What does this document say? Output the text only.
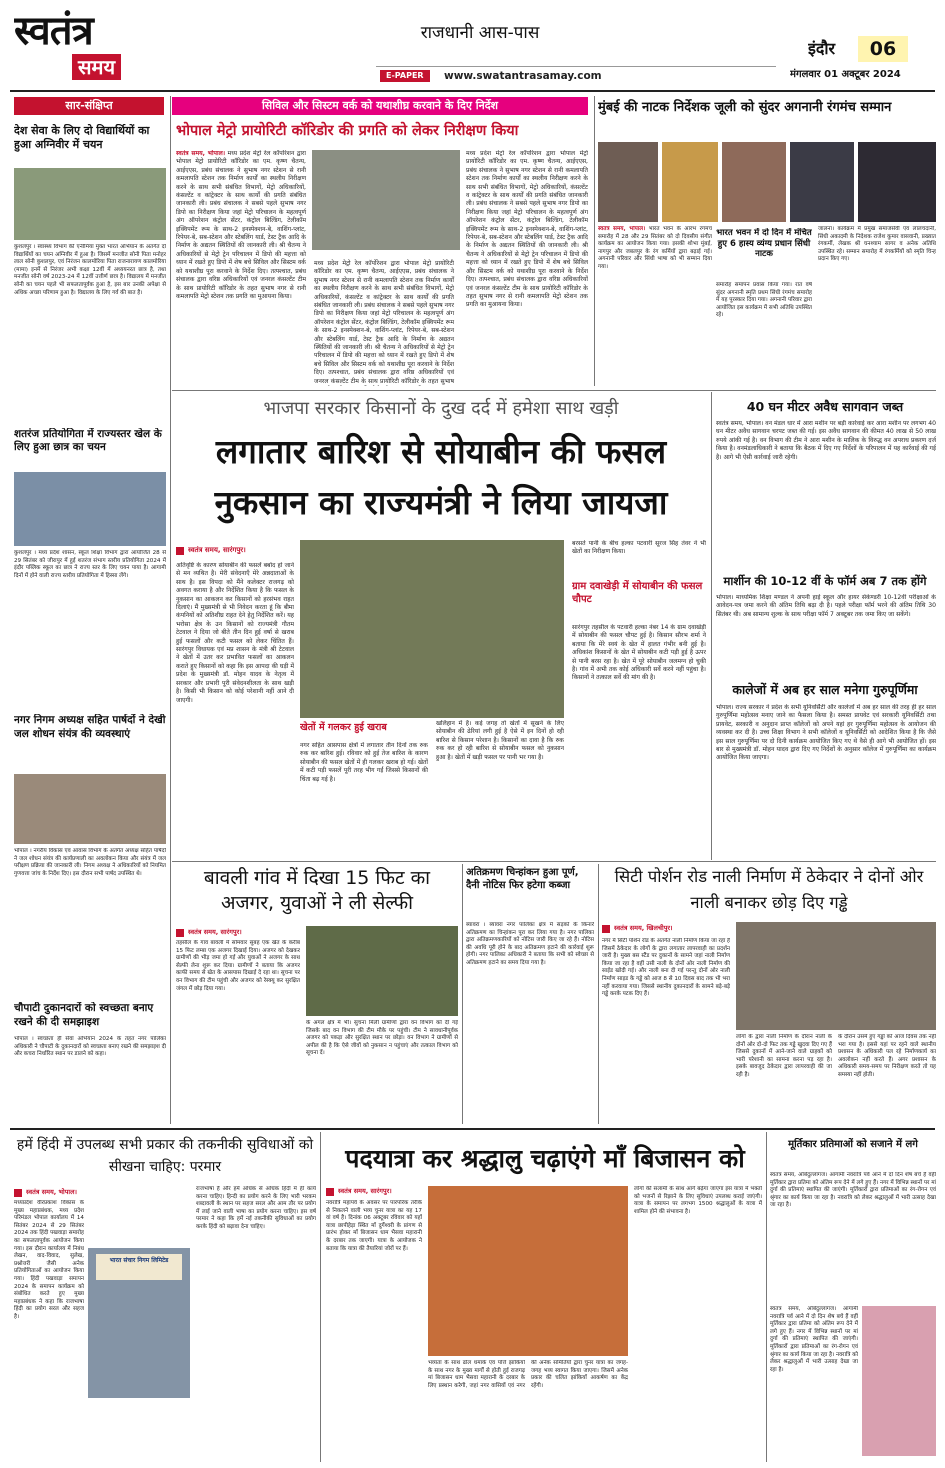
स्वतंत्र
समय
राजधानी आस-पास
E-PAPER	www.swatantrasamay.com
इंदौर	06
मंगलवार 01 अक्टूबर 2024
सार-संक्षिप्त
देश सेवा के लिए दो विद्यार्थियों का हुआ अग्निवीर में चयन
कुशलपुर । स्वास्थ्य विभाग की एनीमिया मुक्त भारत अभियान के अंतर्गत दो विद्यार्थियों का चयन अग्निवीर में हुआ है। जिसमें मनजीत सोनी पिता मनोहर लाल सोनी कुशलपुर, एवं निरंजन कालमोरिया पिता राजनारायण कालमोरिया (मामा) इनमें से निरंजर अभी कक्षा 12वीं में अध्ययनरत छात्र है, तथा मनजीत सोनी वर्ष 2023-24 में 12वीं उत्तीर्ण छात्र है। विद्यालय में मनजीत सोनी का चयन पहले भी सफलतापूर्वक हुआ है, इस बार उनकी अपेक्षा से अधिक अच्छा परिणाम हुआ है। विद्यालय के लिए गर्व की बात है।
शतरंज प्रतियोगिता में राज्यस्तर खेल के लिए हुआ छात्र का चयन
कुशलपुर । मध्य प्रदेश शासन, स्कूल शिक्षा विभाग द्वारा आयोजित 28 से 29 सितंबर को जीरापुर में हुई शतरंज संभाग स्तरीय प्रतियोगिता 2024 में इंदौर पब्लिक स्कूल का छात्र ने राज्य स्तर के लिए चयन पाया है। आगामी दिनों में होने वाली राज्य स्तरीय प्रतियोगिता में हिस्सा लेंगे।
नगर निगम अध्यक्ष सहित पार्षदों ने देखी जल शोधन संयंत्र की व्यवस्थाएं
भोपाल । नगरीय विकास एवं आवास विभाग के अंतर्गत अध्यक्ष सहित पार्षदों ने जल शोधन संयंत्र की कार्यप्रणाली का अवलोकन किया और संयंत्र में जल परीक्षण प्रक्रिया की जानकारी ली। निगम अध्यक्ष ने अधिकारियों को नियमित गुणवत्ता जांच के निर्देश दिए। इस दौरान सभी पार्षद उपस्थित थे।
चौपाटी दुकानदारों को स्वच्छता बनाए रखने की दी समझाइश
भोपाल । स्वच्छता ही सेवा अभियान 2024 के तहत नगर पालिका अधिकारी ने चौपाटी के दुकानदारों को स्वच्छता बनाए रखने की समझाइश दी और कचरा निर्धारित स्थान पर डालने को कहा।
सिविल और सिस्टम वर्क को यथाशीघ्र करवाने के दिए निर्देश
भोपाल मेट्रो प्रायोरिटी कॉरिडोर की प्रगति को लेकर निरीक्षण किया
स्वतंत्र समय, भोपाल। मध्य प्रदेश मेट्रो रेल कॉर्पोरेशन द्वारा भोपाल मेट्रो प्रायोरिटी कॉरिडोर का एम. कृष्ण चैतन्य, आईएएस, प्रबंध संचालक ने सुभाष नगर स्टेशन से रानी कमलापति स्टेशन तक निर्माण कार्यों का स्थलीय निरीक्षण करने के साथ सभी संबंधित विभागों, मेट्रो अधिकारियों, कंसल्टेंट व कांट्रेक्टर के साथ कार्यों की प्रगति संबंधित जानकारी ली। प्रबंध संचालक ने सबसे पहले सुभाष नगर डिपो का निरीक्षण किया जहां मेट्रो परिचालन के महत्वपूर्ण अंग ऑपरेशन कंट्रोल सेंटर, कंट्रोल बिल्डिंग, टेलीकॉम इक्विपमेंट रूम के साथ-2 इनस्पेक्शन-बे, वाशिंग-प्लांट, रिपेयर-बे, सब-स्टेशन और स्टेबलिंग यार्ड, टेस्ट ट्रैक आदि के निर्माण के अद्यतन स्थितियों की जानकारी ली। श्री चैतन्य ने अधिकारियों से मेट्रो ट्रेन परिचालन में डिपो की महत्ता को ध्यान में रखते हुए डिपो में शेष बचे सिविल और सिस्टम वर्क को यथाशीघ्र पूरा करवाने के निर्देश दिए। तत्पश्चात, प्रबंध संचालक द्वारा वरिष्ठ अधिकारियों एवं जनरल कंसल्टेंट टीम के साथ प्रायोरिटी कॉरिडोर के तहत सुभाष नगर से रानी कमलापति मेट्रो स्टेशन तक प्रगति का मुआयना किया।
मध्य प्रदेश मेट्रो रेल कॉर्पोरेशन द्वारा भोपाल मेट्रो प्रायोरिटी कॉरिडोर का एम. कृष्ण चैतन्य, आईएएस, प्रबंध संचालक ने सुभाष नगर स्टेशन से रानी कमलापति स्टेशन तक निर्माण कार्यों का स्थलीय निरीक्षण करने के साथ सभी संबंधित विभागों, मेट्रो अधिकारियों, कंसल्टेंट व कांट्रेक्टर के साथ कार्यों की प्रगति संबंधित जानकारी ली। प्रबंध संचालक ने सबसे पहले सुभाष नगर डिपो का निरीक्षण किया जहां मेट्रो परिचालन के महत्वपूर्ण अंग ऑपरेशन कंट्रोल सेंटर, कंट्रोल बिल्डिंग, टेलीकॉम इक्विपमेंट रूम के साथ-2 इनस्पेक्शन-बे, वाशिंग-प्लांट, रिपेयर-बे, सब-स्टेशन और स्टेबलिंग यार्ड, टेस्ट ट्रैक आदि के निर्माण के अद्यतन स्थितियों की जानकारी ली। श्री चैतन्य ने अधिकारियों से मेट्रो ट्रेन परिचालन में डिपो की महत्ता को ध्यान में रखते हुए डिपो में शेष बचे सिविल और सिस्टम वर्क को यथाशीघ्र पूरा करवाने के निर्देश दिए। तत्पश्चात, प्रबंध संचालक द्वारा वरिष्ठ अधिकारियों एवं जनरल कंसल्टेंट टीम के साथ प्रायोरिटी कॉरिडोर के तहत सुभाष
मध्य प्रदेश मेट्रो रेल कॉर्पोरेशन द्वारा भोपाल मेट्रो प्रायोरिटी कॉरिडोर का एम. कृष्ण चैतन्य, आईएएस, प्रबंध संचालक ने सुभाष नगर स्टेशन से रानी कमलापति स्टेशन तक निर्माण कार्यों का स्थलीय निरीक्षण करने के साथ सभी संबंधित विभागों, मेट्रो अधिकारियों, कंसल्टेंट व कांट्रेक्टर के साथ कार्यों की प्रगति संबंधित जानकारी ली। प्रबंध संचालक ने सबसे पहले सुभाष नगर डिपो का निरीक्षण किया जहां मेट्रो परिचालन के महत्वपूर्ण अंग ऑपरेशन कंट्रोल सेंटर, कंट्रोल बिल्डिंग, टेलीकॉम इक्विपमेंट रूम के साथ-2 इनस्पेक्शन-बे, वाशिंग-प्लांट, रिपेयर-बे, सब-स्टेशन और स्टेबलिंग यार्ड, टेस्ट ट्रैक आदि के निर्माण के अद्यतन स्थितियों की जानकारी ली। श्री चैतन्य ने अधिकारियों से मेट्रो ट्रेन परिचालन में डिपो की महत्ता को ध्यान में रखते हुए डिपो में शेष बचे सिविल और सिस्टम वर्क को यथाशीघ्र पूरा करवाने के निर्देश दिए। तत्पश्चात, प्रबंध संचालक द्वारा वरिष्ठ अधिकारियों एवं जनरल कंसल्टेंट टीम के साथ प्रायोरिटी कॉरिडोर के तहत सुभाष नगर से रानी कमलापति मेट्रो स्टेशन तक प्रगति का मुआयना किया।
मुंबई की नाटक निर्देशक जूली को सुंदर अगनानी रंगमंच सम्मान
स्वतंत्र समय, भोपाल। भारत भवन के आरंभ रंगमंच समारोह में 28 और 29 सितंबर को दो दिवसीय संगीत कार्यक्रम का आयोजन किया गया। इसकी शोभा मुंबई, नागपुर और जबलपुर के रंग कर्मियों द्वारा बढ़ाई गई। अगनानी परिवार और सिंधी भाषा को भी सम्मान दिया गया।
भारत भवन में दो दिन में मंचित हुए 6 हास्य व्यंग्य प्रधान सिंधी नाटक
समारोह समापन प्रवास किया गया। रात वर्ष सुंदर अगनानी स्मृति प्रथम सिंधी रंगमंच समारोह में यह पुरस्कार दिया गया। अगनानी परिवार द्वारा आयोजित इस कार्यक्रम में सभी अतिथि उपस्थित रहे।
जालना। कार्यक्रम में प्रमुख समाजसेवी एवं लालचंदानी, सिंधी अकादमी के निदेशक राजेश कुमार वासवानी, प्रख्यात रंगकर्मी, लेखक श्री घनश्याम सागर व अनेक अतिथि उपस्थित रहे। सम्मान समारोह में रंगकर्मियों को स्मृति चिन्ह प्रदान किए गए।
भाजपा सरकार किसानों के दुख दर्द में हमेशा साथ खड़ी
लगातार बारिश से सोयाबीन की फसल
नुकसान का राज्यमंत्री ने लिया जायजा
स्वतंत्र समय, सारंगपुर।
अतिवृष्टि के कारण सोयाबीन की फसलें बर्बाद हो जाने से मन व्यथित है। मेरी संवेदनाएँ मेरे अन्नदाताओं के साथ है। इस विपदा को मैंने कलेक्टर राजगढ़ को अवगत कराया है और निर्देशित किया है कि फसल के नुकसान का आकलन कर किसानों को हरसंभव राहत दिलाएं। मैं मुख्यमंत्री से भी निवेदन करता हूं कि बीमा कंपनियों को अतिशीघ्र राहत देने हेतु निर्देशित करें। यह भरोसा क्षेत्र के उन किसानों को राज्यमंत्री गौतम टेटवाल ने दिया जो बीते तीन दिन हुई वर्षा से खराब हुई फसलों और कटी फसल को लेकर चिंतित हैं। सारंगपुर विधायक एवं मप्र शासन के मंत्री श्री टेटवाल ने खेतों में उतर कर प्रभावित फसलों का आकलन कराते हुए किसानों को कहा कि इस आपदा की घड़ी में प्रदेश के मुख्यमंत्री डॉ. मोहन यादव के नेतृत्व में सरकार और प्रभारी पूरी संवेदनशीलता के साथ खड़ी है। किसी भी किसान को कोई परेशानी नहीं आने दी जाएगी।
खेतों में गलकर हुई खराब
नगर सहित आसपास क्षेत्रों में लगातार तीन दिनों तक रुक रुक कर बारिश हुई। रविवार को हुई तेज बारिश के कारण सोयाबीन की फसल खेतों में ही गलकर खराब हो गई। खेतों में कटी पड़ी फसलें पूरी तरह भीग गईं जिससे किसानों की चिंता बढ़ गई है।
खलिहान में है। कई जगह तो खेतों में सूखने के लिए सोयाबीन की ढेरियां लगी हुई है ऐसे में इन दिनों हो रही बारिश से किसान परेशान है। किसानों का दावा है कि रुक रुक कर हो रही बारिश से सोयाबीन फसल को नुकसान हुआ है। खेतों में खड़ी फसल पर पानी भर गया है।
बरसते पानी के बीच हल्का पटवारी सूरज सिंह तंवर ने भी खेतों का निरीक्षण किया।
ग्राम दवाखेड़ी में सोयाबीन की फसल चौपट
सारंगपुर तहसील के पटवारी हल्का नंबर 14 के ग्राम दवाखेड़ी में सोयाबीन की फसल चौपट हुई है। किसान सौरभ शर्मा ने बताया कि मेरे स्वयं के खेत में हालत गंभीर बनी हुई है। अधिकांश किसानों के खेत में सोयाबीन कटी पड़ी हुई है ऊपर से पानी बरस रहा है। खेत में पूरे सोयाबीन जलमग्न हो चुकी है। गांव में अभी तक कोई अधिकारी सर्वे करने नहीं पहुंचा है। किसानों ने तत्काल सर्वे की मांग की है।
40 घन मीटर अवैध सागवान जब्त
स्वतंत्र समय, भोपाल। वन मंडल धार में आरा मशीन पर बड़ी कार्रवाई कर आरा मशीन पर लगभग 40 घन मीटर अवैध सागवान चरपट जब्त की गई। इस अवैध सागवान की कीमत 40 लाख से 50 लाख रुपये आंकी गई है। वन विभाग की टीम ने आरा मशीन के मालिक के विरुद्ध वन अपराध प्रकरण दर्ज किया है। वनमंडलाधिकारी ने बताया कि बैठक में दिए गए निर्देशों के परिपालन में यह कार्रवाई की गई है। आगे भी ऐसी कार्रवाई जारी रहेगी।
मार्शीन की 10-12 वीं के फॉर्म अब 7 तक होंगे
भोपाल। माध्यमिक शिक्षा मण्डल ने अपनी हाई स्कूल और हायर सेकेण्डरी 10-12वीं परीक्षाओं के आवेदन-पत्र जमा करने की अंतिम तिथि बढ़ा दी है। पहले परीक्षा फॉर्म भरने की अंतिम तिथि 30 सितंबर थी। अब सामान्य शुल्क के साथ परीक्षा फॉर्म 7 अक्टूबर तक जमा किए जा सकेंगे।
कालेजों में अब हर साल मनेगा गुरुपूर्णिमा
भोपाल। राज्य सरकार ने प्रदेश के सभी यूनिवर्सिटी और कालेजों में अब हर साल की तरह ही हर साल गुरुपूर्णिमा महोत्सव मनाए जाने का फैसला किया है। समस्त प्रायवेट एवं सरकारी यूनिवर्सिटी तथा प्रायवेट, सरकारी व अनुदान प्राप्त कॉलेजों को अपने यहां हर गुरुपूर्णिमा महोत्सव के आयोजन की व्यवस्था कर दी है। उच्च शिक्षा विभाग ने सभी कॉलेजों व यूनिवर्सिटी को आदेशित किया है कि जैसे इस साल गुरुपूर्णिमा पर दो दिनी कार्यक्रम आयोजित किए गए थे वैसे ही आगे भी आयोजित हों। इस बार से मुख्यमंत्री डॉ. मोहन यादव द्वारा दिए गए निर्देशों के अनुसार कॉलेज में गुरुपूर्णिमा का कार्यक्रम आयोजित किया जाएगा।
बावली गांव में दिखा 15 फिट का अजगर, युवाओं ने ली सेल्फी
स्वतंत्र समय, सारंगपुर।
तहसील के गांव बावली में सोमवार सुबह एक खेत के करीब 15 फिट लम्बा एक अजगर दिखाई दिया। अजगर को देखकर ग्रामीणों की भीड़ जमा हो गई और युवाओं ने अजगर के साथ सेल्फी लेना शुरू कर दिया। ग्रामीणों ने बताया कि अजगर काफी समय से खेत के आसपास दिखाई दे रहा था। सूचना पर वन विभाग की टीम पहुंची और अजगर को रेस्क्यू कर सुरक्षित जंगल में छोड़ दिया गया।
के अंगल क्षेत्र में भी। सुचना मिली ग्रामीणों द्वारा वन विभाग को दी गई जिसके बाद वन विभाग की टीम मौके पर पहुंची। टीम ने सावधानीपूर्वक अजगर को पकड़ा और सुरक्षित स्थान पर छोड़ा। वन विभाग ने ग्रामीणों से अपील की है कि ऐसे जीवों को नुकसान न पहुंचाएं और तत्काल विभाग को सूचना दें।
अतिक्रमण चिन्हांकन हुआ पूर्ण, दैनी नोटिस फिर हटेगा कब्जा
ब्यावरा । ब्यावरा नगर पालिका क्षेत्र में सड़कों के किनारे अतिक्रमण का चिन्हांकन पूरा कर लिया गया है। नगर पालिका द्वारा अतिक्रमणकारियों को नोटिस जारी किए जा रहे हैं। नोटिस की अवधि पूरी होने के बाद अतिक्रमण हटाने की कार्रवाई शुरू होगी। नगर पालिका अधिकारी ने बताया कि सभी को स्वेच्छा से अतिक्रमण हटाने का समय दिया गया है।
सिटी पोर्शन रोड नाली निर्माण में ठेकेदार ने दोनों ओर नाली बनाकर छोड़ दिए गड्ढे
स्वतंत्र समय, खिलचीपुर।
नगर में सिटी पोर्शन रोड के अंतर्गत नाली निर्माण किया जा रहा है जिसमें ठेकेदार के लोगों के द्वारा लगातार लापरवाही का प्रदर्शन जारी है। मुख्य बस स्टैंड पर दुकानों के सामने जहां नाली निर्माण किया जा रहा है वहीं उसी नाली के दोनों ओर नाली निर्माण की साईड खोदी गई। और नाली बना दी गई परन्तु दोनों ओर नाली निर्माण साइड के गड्ढे को आज 8 से 10 दिवस बाद तक भी भरा नहीं करवाया गया। जिससे स्थानीय दुकानदारों के सामने बड़े-बड़े गड्ढे करके पटक दिए हैं।
लोगों के द्वारा नाली निर्माण के दौरान नाली के दोनों ओर दो-दो फिट तक गड्ढे खुदवा दिए गए हैं जिससे दुकानों में आने-जाने वाले ग्राहकों को भारी परेशानी का सामना करना पड़ रहा है। इसके बावजूद ठेकेदार द्वारा लापरवाही की जा रही है।
के दौरान उसमें हुए गड्ढों को आज दिवस तक नहीं भरा गया है। इससे यहां पर रहने वाले स्थानीय प्रशासन के अधिकारी पल रहे निर्माणकार्य का अवलोकन नहीं करते हैं। अगर प्रशासन के अधिकारी समय-समय पर निरीक्षण करते तो यह समस्या नहीं होती।
हमें हिंदी में उपलब्ध सभी प्रकार की तकनीकी सुविधाओं को सीखना चाहिए: परमार
स्वतंत्र समय, भोपाल।
मध्यप्रदेश वीरप्रकाश विकास के मुख्य महाप्रबंधक, मध्य प्रदेश परिमंडल भोपाल कार्यालय में 14 सितंबर 2024 से 29 सितंबर 2024 तक हिंदी पखवाड़ा समारोह का सफलतापूर्वक आयोजन किया गया। इस दौरान कार्यालय में निबंध लेखन, वाद-विवाद, सुलेख, प्रश्नोत्तरी जैसी अनेक प्रतियोगिताओं का आयोजन किया गया। हिंदी पखवाड़ा समापन 2024 के समापन कार्यक्रम को संबोधित करते हुए मुख्य महाप्रबंधक ने कहा कि राजभाषा हिंदी का प्रयोग सरल और सहज है।
भारत संचार निगम लिमिटेड
राजभाषा है और हमें अधिक से अधिक हिंदी में ही कार्य करना चाहिए। हिन्दी का प्रयोग करने के लिए भारी भरकम शब्दावली के स्थान पर सहज सरल और आम तौर पर प्रयोग में लाई जाने वाली भाषा का प्रयोग करना चाहिए। इस वर्ष परमार ने कहा कि हमें नई तकनीकी सुविधाओं का प्रयोग करके हिंदी को बढ़ावा देना चाहिए।
पदयात्रा कर श्रद्धालु चढ़ाएंगे माँ बिजासन को
स्वतंत्र समय, सारंगपुर।
नवरात्रि महापर्व के अवसर पर पारंपरिक तरीके से निकलने वाली भव्य चुनर यात्रा का यह 17 वां वर्ष है। दिनांक 06 अक्टूबर रविवार को यहाँ यात्रा छापीहेड़ा स्थित माँ दुर्गेश्वरी के प्रांगण से प्रारंभ होकर माँ बिजासन धाम भैसवा महारानी के दरबार तक जाएगी। यात्रा के आयोजक ने बताया कि यात्रा की तैयारियां जोरों पर हैं।
भव्यता के साथ ढोल धमाके एवं पत्ति झांकियों के साथ नगर के मुख्य मार्गों से होती हुई राजगढ़ मां बिजासन धाम भैसवा महारानी के दरबार के लिए प्रस्थान करेगी, जहां नगर वासियों एवं नगर की अनेक समितियों द्वारा चुनर यात्रा का जगह-जगह भव्य स्वागत किया जाएगा। जिसमें अनेक प्रकार की चलित झांकियाँ आकर्षण का केंद्र रहेंगी।
लोगों की सलामी के साथ आगे बढ़ेगा जाएगा इस यात्रा में भक्तों को भजनों से रिझाने के लिए सुविधाएं उपलब्ध कराई जाएंगी। यात्रा के समापन पर लगभग 1500 श्रद्धालुओं के यात्रा में शामिल होने की संभावना है।
मूर्तिकार प्रतिमाओं को सजाने में लगे
स्वतंत्र समय, ओबेदुल्लागंज। आगामी नवरात्रि पर्व आने में दो दिन शेष बचे हैं वहीं मूर्तिकार द्वारा प्रतिमा को अंतिम रूप देने में लगे हुए हैं। नगर में विभिन्न स्थानों पर मां दुर्गा की प्रतिमाएं स्थापित की जाएंगी। मूर्तिकारों द्वारा प्रतिमाओं का रंग-रोगन एवं श्रृंगार का कार्य किया जा रहा है। नवरात्रि को लेकर श्रद्धालुओं में भारी उत्साह देखा जा रहा है।
स्वतंत्र समय, ओबेदुल्लागंज। आगामी नवरात्रि पर्व आने में दो दिन शेष बचे हैं वहीं मूर्तिकार द्वारा प्रतिमा को अंतिम रूप देने में लगे हुए हैं। नगर में विभिन्न स्थानों पर मां दुर्गा की प्रतिमाएं स्थापित की जाएंगी। मूर्तिकारों द्वारा प्रतिमाओं का रंग-रोगन एवं श्रृंगार का कार्य किया जा रहा है। नवरात्रि को लेकर श्रद्धालुओं में भारी उत्साह देखा जा रहा है।
